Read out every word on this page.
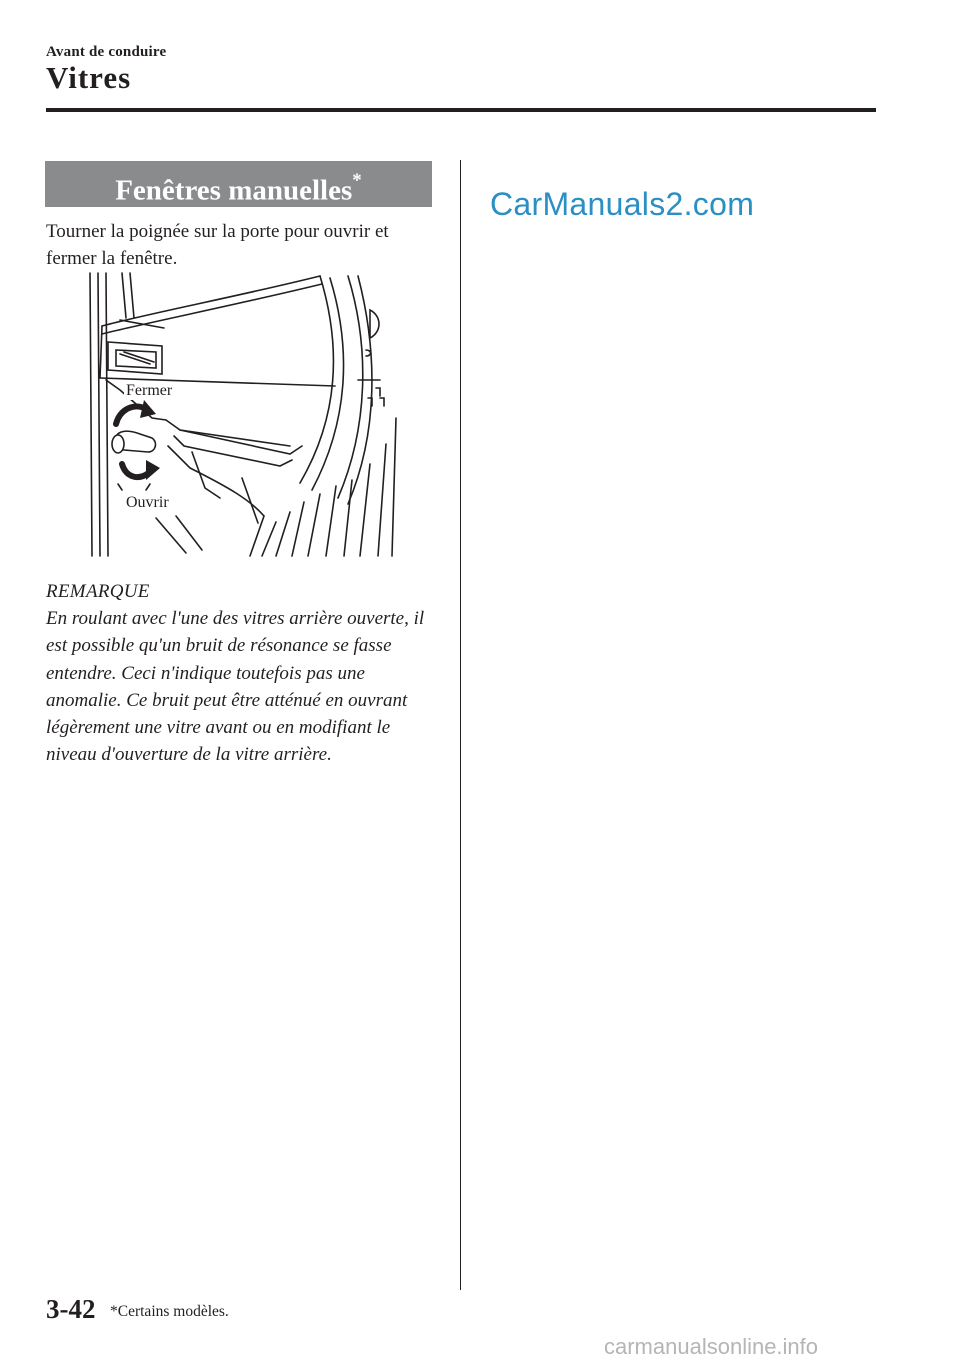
Avant de conduire
Vitres
Fenêtres manuelles*
Tourner la poignée sur la porte pour ouvrir et fermer la fenêtre.
Fermer
Ouvrir
REMARQUE
En roulant avec l'une des vitres arrière ouverte, il est possible qu'un bruit de résonance se fasse entendre. Ceci n'indique toutefois pas une anomalie. Ce bruit peut être atténué en ouvrant légèrement une vitre avant ou en modifiant le niveau d'ouverture de la vitre arrière.
CarManuals2.com
3-42 *Certains modèles.
carmanualsonline.info
